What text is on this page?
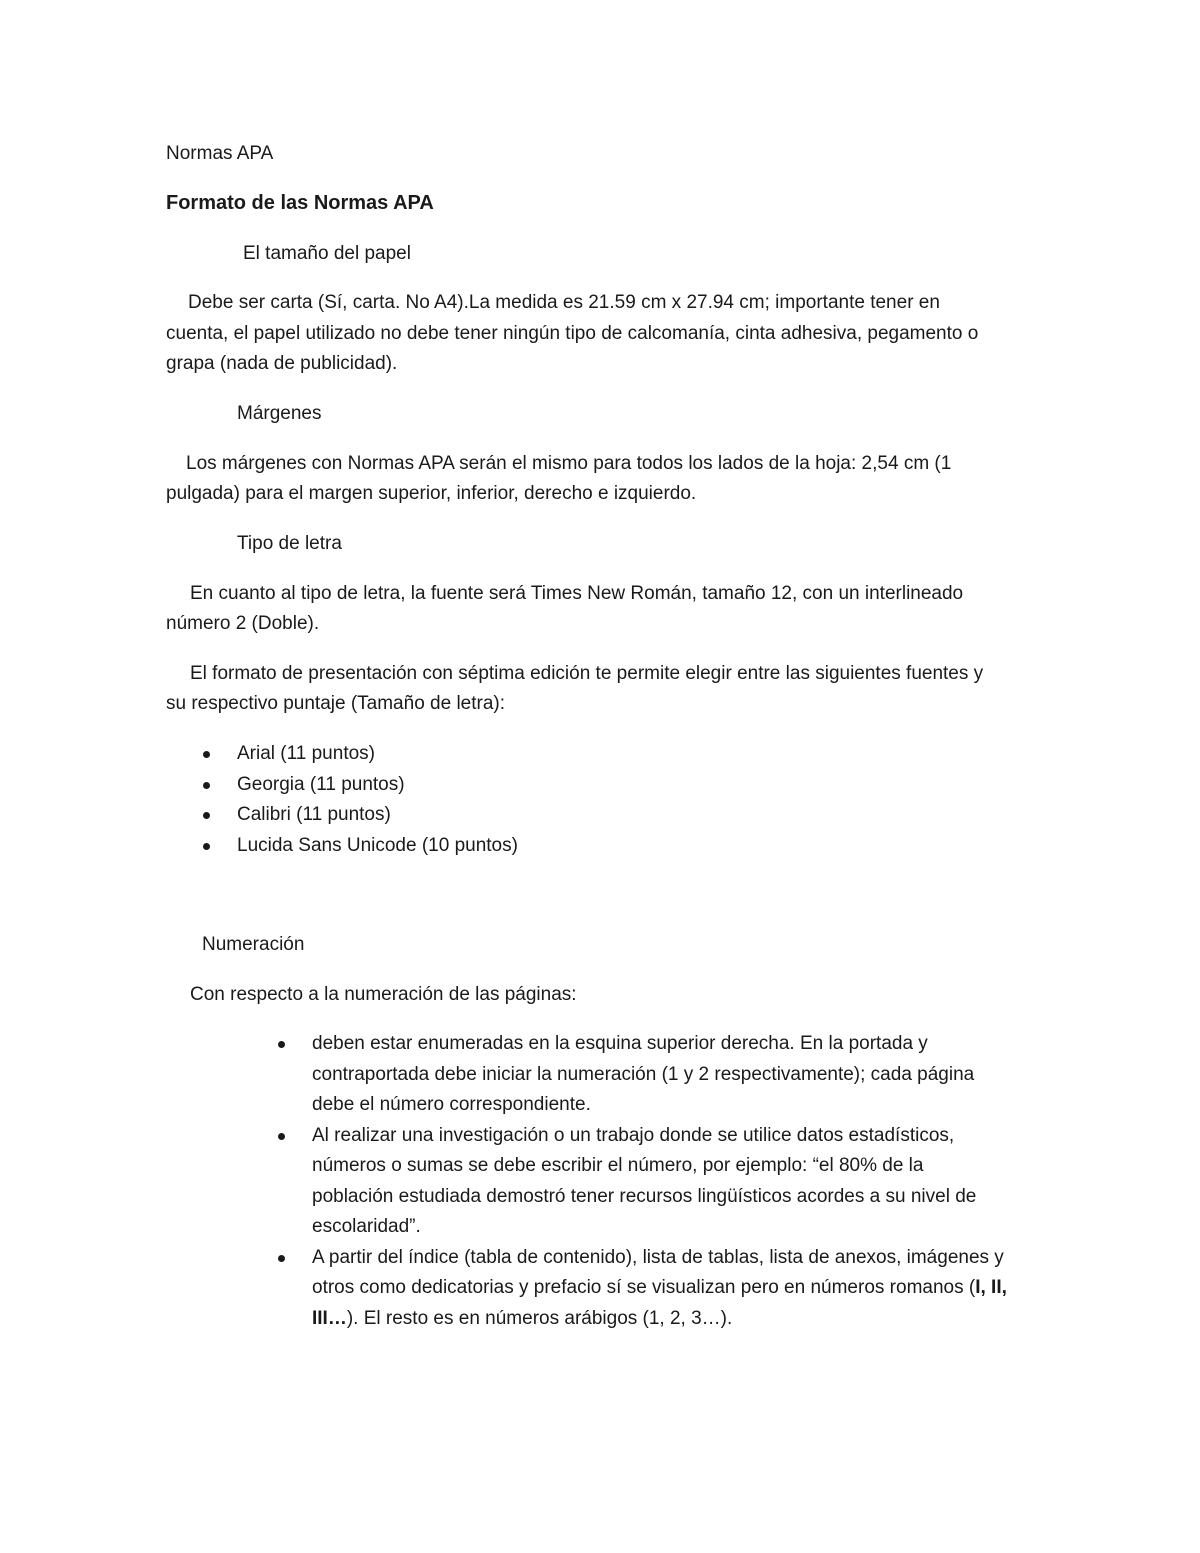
Normas APA

Formato de las Normas APA

El tamaño del papel

Debe ser carta (Sí, carta. No A4).La medida es 21.59 cm x 27.94 cm; importante tener en

cuenta, el papel utilizado no debe tener ningún tipo de calcomanía, cinta adhesiva, pegamento o

grapa (nada de publicidad).

Márgenes

Los márgenes con Normas APA serán el mismo para todos los lados de la hoja: 2,54 cm (1

pulgada) para el margen superior, inferior, derecho e izquierdo.

Tipo de letra

En cuanto al tipo de letra, la fuente será Times New Román, tamaño 12, con un interlineado

número 2 (Doble).

El formato de presentación con séptima edición te permite elegir entre las siguientes fuentes y

su respectivo puntaje (Tamaño de letra):

Arial (11 puntos)
Georgia (11 puntos)
Calibri (11 puntos)
Lucida Sans Unicode (10 puntos)

Numeración

Con respecto a la numeración de las páginas:

deben estar enumeradas en la esquina superior derecha. En la portada y
contraportada debe iniciar la numeración (1 y 2 respectivamente); cada página
debe el número correspondiente.
Al realizar una investigación o un trabajo donde se utilice datos estadísticos,
números o sumas se debe escribir el número, por ejemplo: “el 80% de la
población estudiada demostró tener recursos lingüísticos acordes a su nivel de
escolaridad”.
A partir del índice (tabla de contenido), lista de tablas, lista de anexos, imágenes y
otros como dedicatorias y prefacio sí se visualizan pero en números romanos (I, II,
III…). El resto es en números arábigos (1, 2, 3…).
